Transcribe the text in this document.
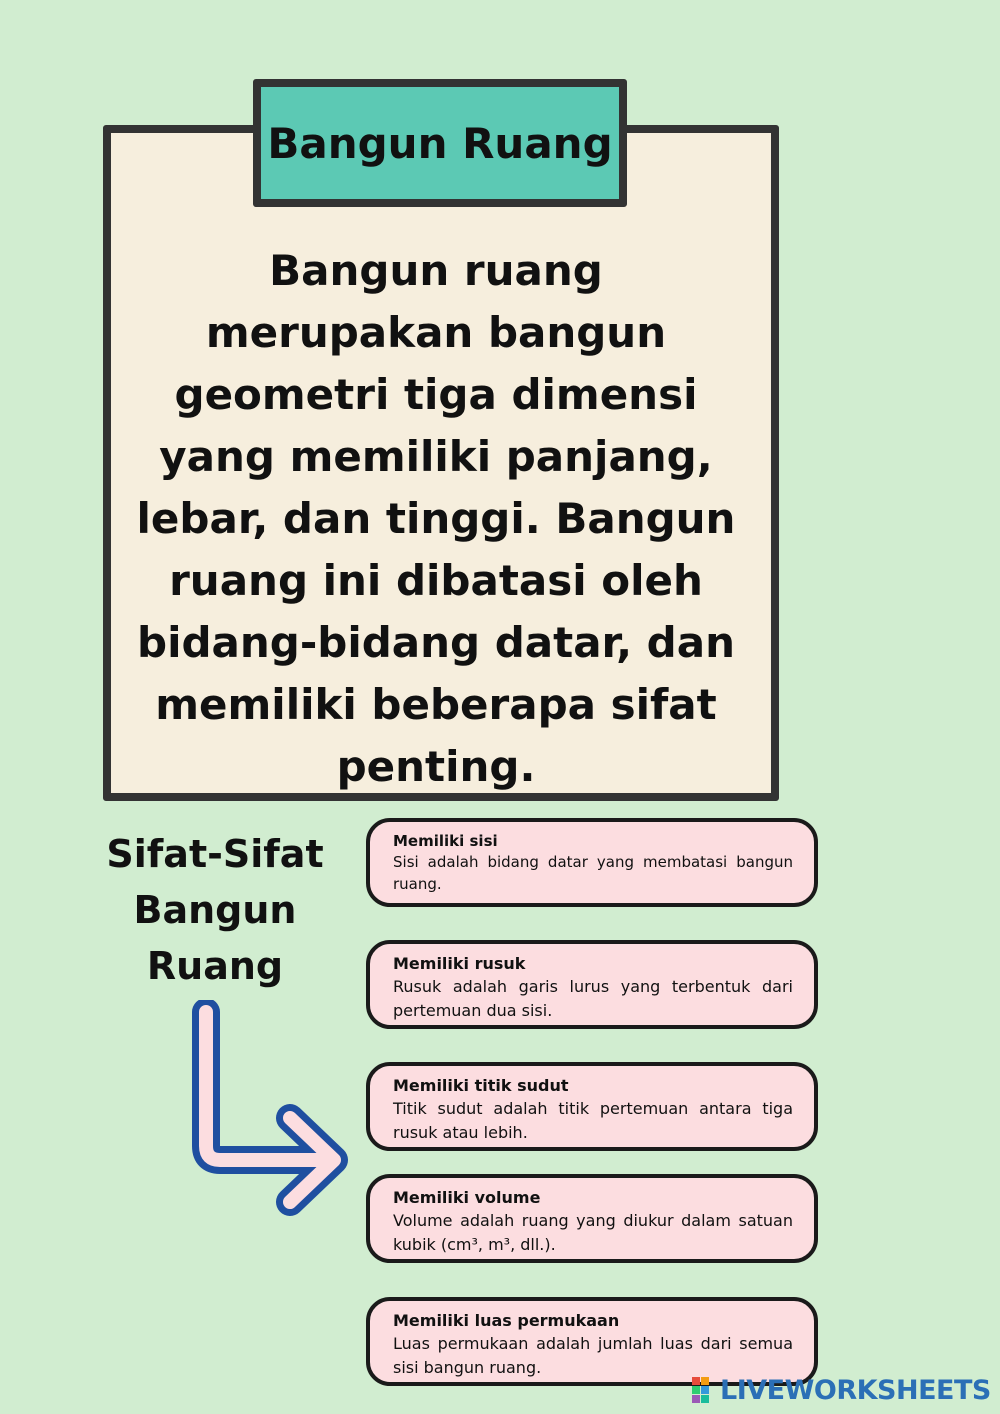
Bangun ruang merupakan bangun geometri tiga dimensi yang memiliki panjang, lebar, dan tinggi. Bangun ruang ini dibatasi oleh bidang-bidang datar, dan memiliki beberapa sifat penting.

Bangun Ruang

Sifat-Sifat Bangun Ruang

Memiliki sisi
Sisi adalah bidang datar yang membatasi bangun ruang.
Memiliki rusuk
Rusuk adalah garis lurus yang terbentuk dari pertemuan dua sisi.
Memiliki titik sudut
Titik sudut adalah titik pertemuan antara tiga rusuk atau lebih.
Memiliki volume
Volume adalah ruang yang diukur dalam satuan kubik (cm³, m³, dll.).
Memiliki luas permukaan
Luas permukaan adalah jumlah luas dari semua sisi bangun ruang.
LIVEWORKSHEETS
